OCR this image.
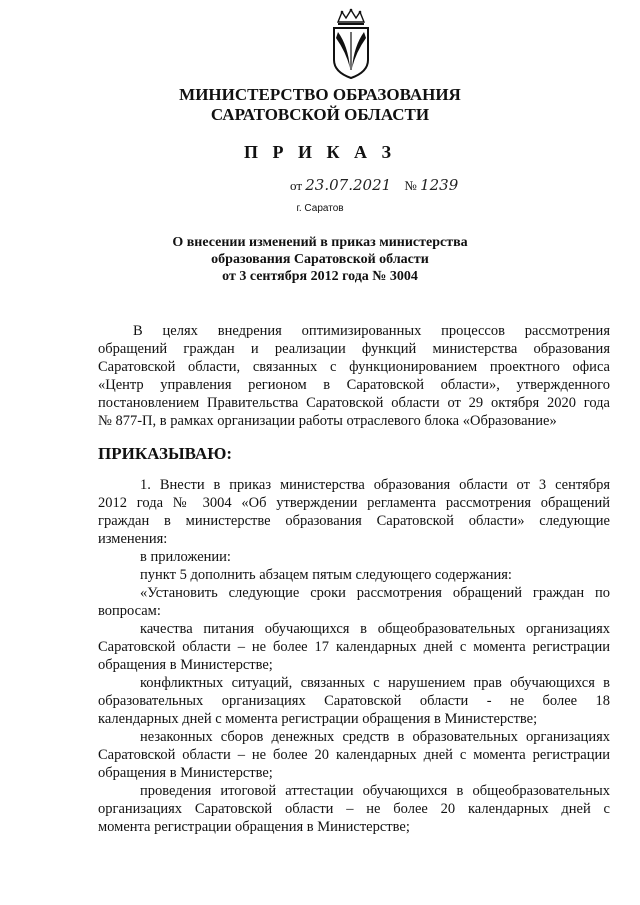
МИНИСТЕРСТВО ОБРАЗОВАНИЯ
САРАТОВСКОЙ ОБЛАСТИ
П Р И К А З
от 23.07.2021 № 1239
г. Саратов
О внесении изменений в приказ министерства
образования Саратовской области
от 3 сентября 2012 года № 3004
В целях внедрения оптимизированных процессов рассмотрения
обращений граждан и реализации функций министерства образования
Саратовской области, связанных с функционированием проектного офиса
«Центр управления регионом в Саратовской области», утвержденного
постановлением Правительства Саратовской области от 29 октября 2020 года
№ 877-П, в рамках организации работы отраслевого блока «Образование»
ПРИКАЗЫВАЮ:
1. Внести в приказ министерства образования области от 3 сентября
2012 года № 3004 «Об утверждении регламента рассмотрения обращений
граждан в министерстве образования Саратовской области» следующие
изменения:
в приложении:
пункт 5 дополнить абзацем пятым следующего содержания:
«Установить следующие сроки рассмотрения обращений граждан по
вопросам:
качества питания обучающихся в общеобразовательных организациях
Саратовской области – не более 17 календарных дней с момента регистрации
обращения в Министерстве;
конфликтных ситуаций, связанных с нарушением прав обучающихся в
образовательных организациях Саратовской области - не более 18
календарных дней с момента регистрации обращения в Министерстве;
незаконных сборов денежных средств в образовательных организациях
Саратовской области – не более 20 календарных дней с момента регистрации
обращения в Министерстве;
проведения итоговой аттестации обучающихся в общеобразовательных
организациях Саратовской области – не более 20 календарных дней с
момента регистрации обращения в Министерстве;
